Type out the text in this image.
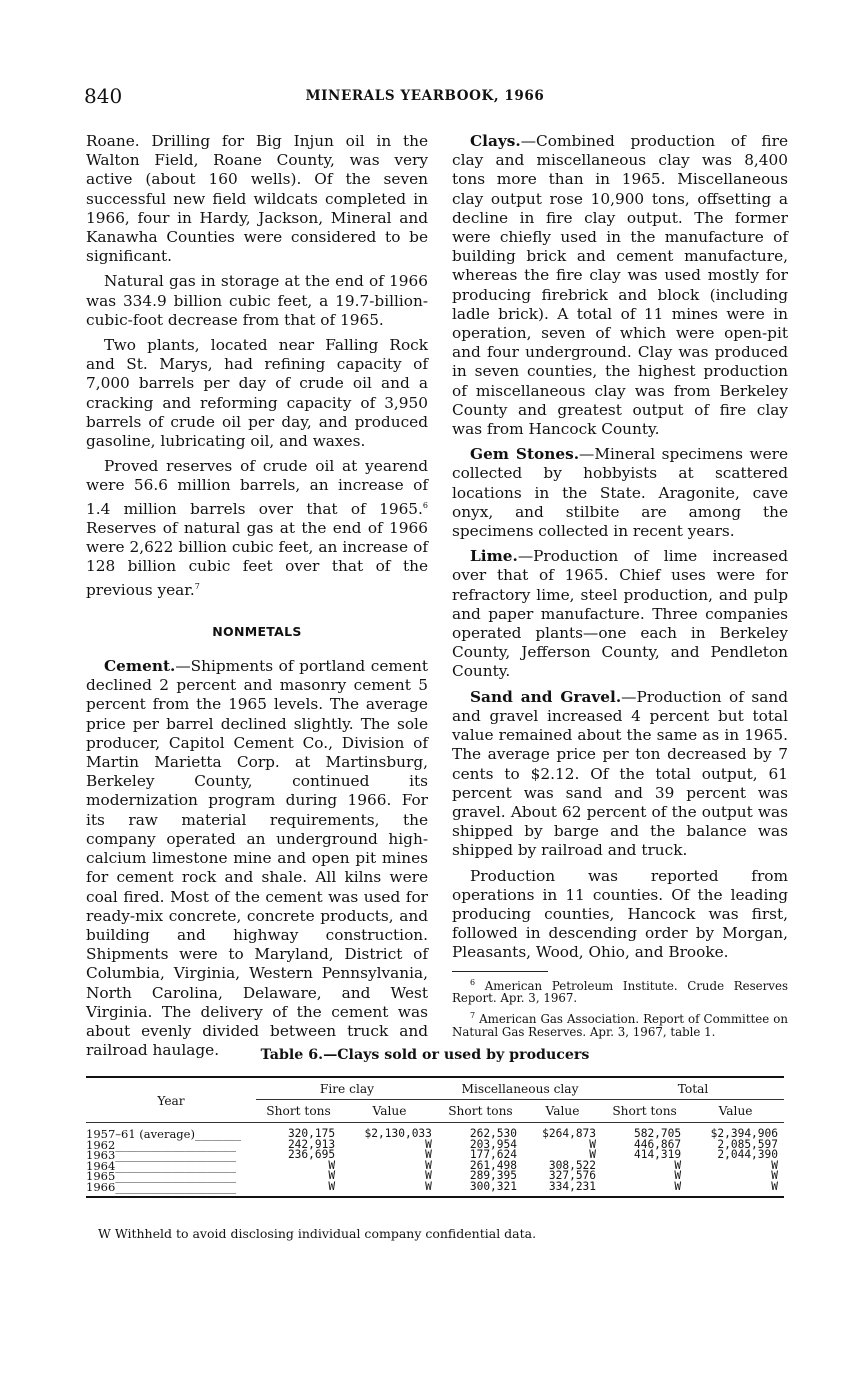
840	MINERALS YEARBOOK, 1966

Roane. Drilling for Big Injun oil in the Walton Field, Roane County, was very active (about 160 wells). Of the seven successful new field wildcats completed in 1966, four in Hardy, Jackson, Mineral and Kanawha Counties were considered to be significant.

Natural gas in storage at the end of 1966 was 334.9 billion cubic feet, a 19.7-billion-cubic-foot decrease from that of 1965.

Two plants, located near Falling Rock and St. Marys, had refining capacity of 7,000 barrels per day of crude oil and a cracking and reforming capacity of 3,950 barrels of crude oil per day, and produced gasoline, lubricating oil, and waxes.

Proved reserves of crude oil at yearend were 56.6 million barrels, an increase of 1.4 million barrels over that of 1965.$^6$ Reserves of natural gas at the end of 1966 were 2,622 billion cubic feet, an increase of 128 billion cubic feet over that of the previous year.$^7$

NONMETALS

Cement.—Shipments of portland cement declined 2 percent and masonry cement 5 percent from the 1965 levels. The average price per barrel declined slightly. The sole producer, Capitol Cement Co., Division of Martin Marietta Corp. at Martinsburg, Berkeley County, continued its modernization program during 1966. For its raw material requirements, the company operated an underground high-calcium limestone mine and open pit mines for cement rock and shale. All kilns were coal fired. Most of the cement was used for ready-mix concrete, concrete products, and building and highway construction. Shipments were to Maryland, District of Columbia, Virginia, Western Pennsylvania, North Carolina, Delaware, and West Virginia. The delivery of the cement was about evenly divided between truck and railroad haulage.

Clays.—Combined production of fire clay and miscellaneous clay was 8,400 tons more than in 1965. Miscellaneous clay output rose 10,900 tons, offsetting a decline in fire clay output. The former were chiefly used in the manufacture of building brick and cement manufacture, whereas the fire clay was used mostly for producing firebrick and block (including ladle brick). A total of 11 mines were in operation, seven of which were open-pit and four underground. Clay was produced in seven counties, the highest production of miscellaneous clay was from Berkeley County and greatest output of fire clay was from Hancock County.

Gem Stones.—Mineral specimens were collected by hobbyists at scattered locations in the State. Aragonite, cave onyx, and stilbite are among the specimens collected in recent years.

Lime.—Production of lime increased over that of 1965. Chief uses were for refractory lime, steel production, and pulp and paper manufacture. Three companies operated plants—one each in Berkeley County, Jefferson County, and Pendleton County.

Sand and Gravel.—Production of sand and gravel increased 4 percent but total value remained about the same as in 1965. The average price per ton decreased by 7 cents to $2.12. Of the total output, 61 percent was sand and 39 percent was gravel. About 62 percent of the output was shipped by barge and the balance was shipped by railroad and truck.

Production was reported from operations in 11 counties. Of the leading producing counties, Hancock was first, followed in descending order by Morgan, Pleasants, Wood, Ohio, and Brooke.

$^6$ American Petroleum Institute. Crude Reserves Report. Apr. 3, 1967.

$^7$ American Gas Association. Report of Committee on Natural Gas Reserves. Apr. 3, 1967, table 1.

Table 6.—Clays sold or used by producers
Year	Fire clay		Miscellaneous clay		Total	
	Short tons	Value	Short tons	Value	Short tons	Value
1957–61 (average)________	320,175	$2,130,033	262,530	$264,873	582,705	$2,394,906
1962_____________________	242,913	W	203,954	W	446,867	2,085,597
1963_____________________	236,695	W	177,624	W	414,319	2,044,390
1964_____________________	W	W	261,498	308,522	W	W
1965_____________________	W	W	289,395	327,576	W	W
1966_____________________	W	W	300,321	334,231	W	W
W Withheld to avoid disclosing individual company confidential data.
